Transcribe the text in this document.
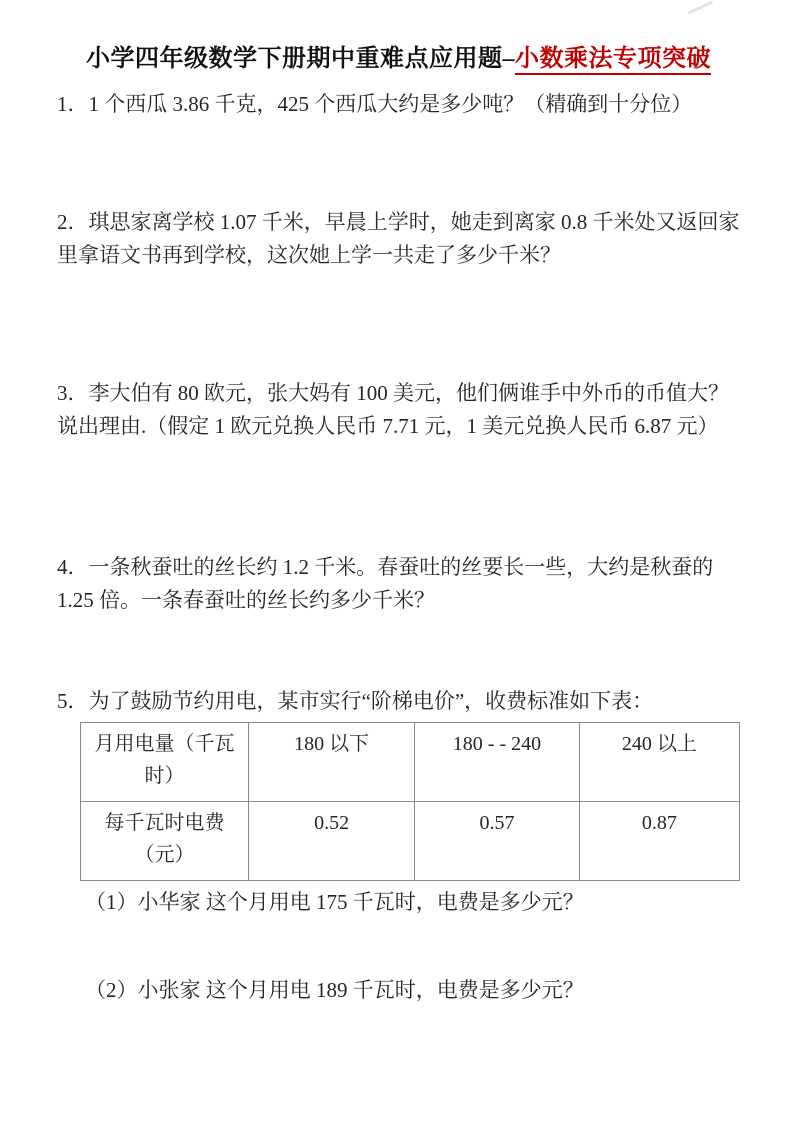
小学四年级数学下册期中重难点应用题–小数乘法专项突破
1．1 个西瓜 3.86 千克，425 个西瓜大约是多少吨？（精确到十分位）
2．琪思家离学校 1.07 千米，早晨上学时，她走到离家 0.8 千米处又返回家里拿语文书再到学校，这次她上学一共走了多少千米？
3．李大伯有 80 欧元，张大妈有 100 美元，他们俩谁手中外币的币值大？说出理由.（假定 1 欧元兑换人民币 7.71 元，1 美元兑换人民币 6.87 元）
4．一条秋蚕吐的丝长约 1.2 千米。春蚕吐的丝要长一些，大约是秋蚕的 1.25 倍。一条春蚕吐的丝长约多少千米？
5．为了鼓励节约用电，某市实行“阶梯电价”，收费标准如下表：
月用电量（千瓦时）	180 以下	180 - - 240	240 以上
每千瓦时电费（元）	0.52	0.57	0.87
（1）小华家 这个月用电 175 千瓦时，电费是多少元？
（2）小张家 这个月用电 189 千瓦时，电费是多少元？
